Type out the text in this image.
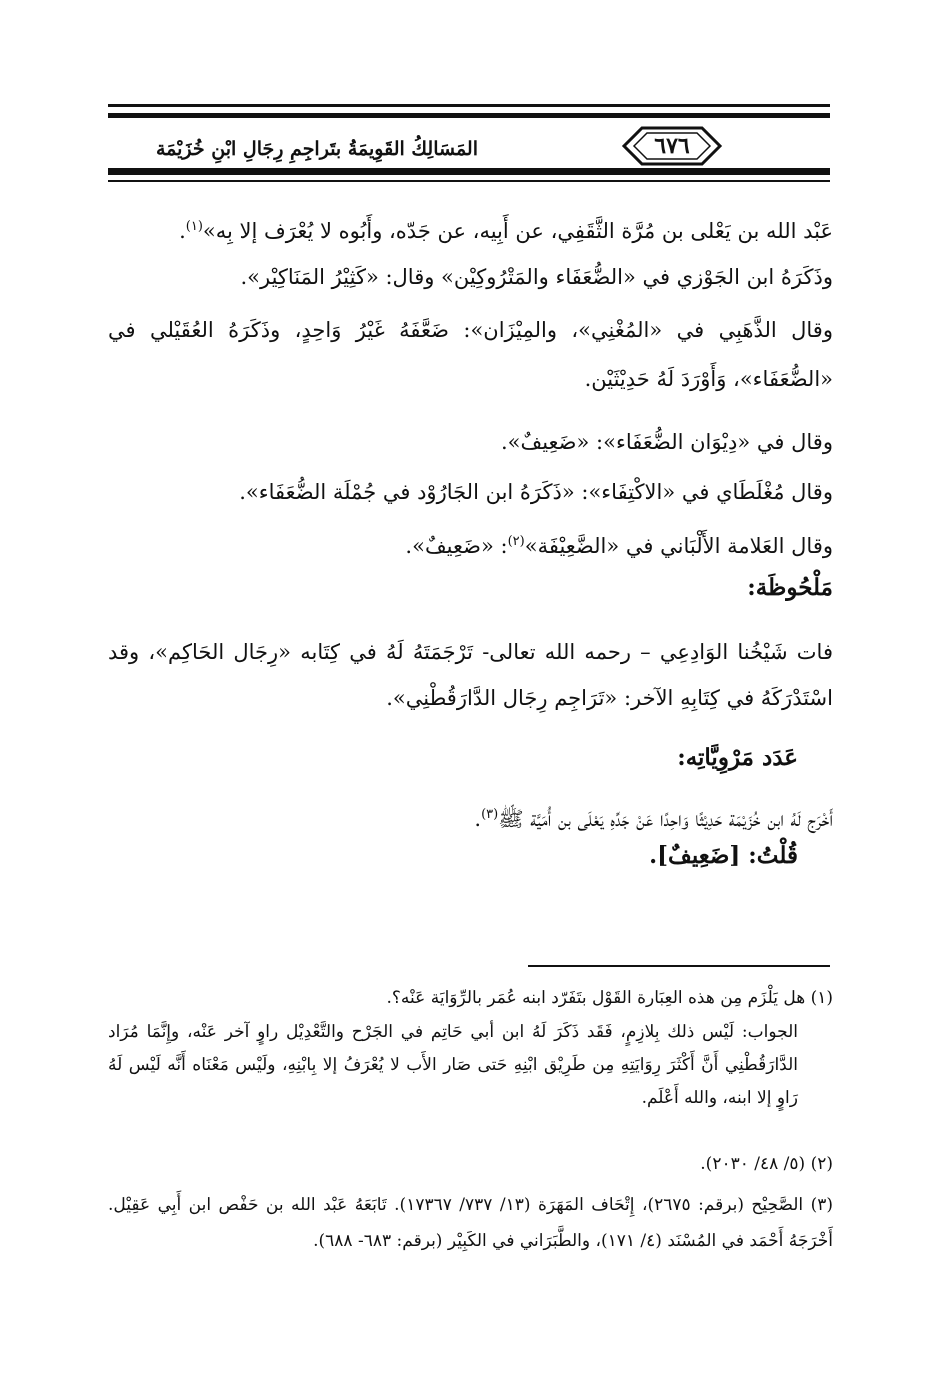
المَسَالِكُ القَوِيمَةُ بتَراجِمِ رِجَالِ ابْنِ خُزَيْمَة	٦٧٦
عَبْد الله بن يَعْلى بن مُرَّة الثَّقَفِي، عن أَبِيه، عن جَدّه، وأَبُوه لا يُعْرَف إلا بِه»$^{(١)}$.
وذَكَرَهُ ابن الجَوْزي في «الضُّعَفَاء والمَتْرُوكِيْن» وقال: «كَثِيْرُ المَنَاكِيْر».
وقال الذَّهَبِي في «المُغْنِي»، والمِيْزَان»: ضَعَّفَهُ غَيْرُ وَاحِدٍ، وذَكَرَهُ العُقَيْلي في «الضُّعَفَاء»، وَأَوْرَدَ لَهُ حَدِيْثَيْن.
وقال في «دِيْوَان الضُّعَفَاء»: «ضَعِيفٌ».
وقال مُغْلَطَاي في «الاكْتِفَاء»: «ذَكَرَهُ ابن الجَارُوْد في جُمْلَة الضُّعَفَاء».
وقال العَلامة الأَلْبَاني في «الضَّعِيْفَة»$^{(٢)}$: «ضَعِيفٌ».
مَلْحُوظَة:
فات شَيْخُنا الوَادِعِي – رحمه الله تعالى- تَرْجَمَتَهُ لَهُ في كِتَابه «رِجَال الحَاكِم»، وقد اسْتَدْرَكَهُ في كِتَابِهِ الآخر: «تَرَاجِم رِجَال الدَّارَقُطْنِي».
عَدَد مَرْوِيَّاتِه:
أَخْرَج لَهُ ابن خُزَيْمَة حَدِيْثًا وَاحِدًا عَنْ جَدِّهِ يَعْلَى بن أُمَيَّة ﷺ$^{(٣)}$.
قُلْتُ: [ضَعِيفٌ].
(١) هل يَلْزَم مِن هذه العِبَارة القَوْل بتَفَرّد ابنه عُمَر بالرِّوَايَة عَنْه؟.
الجواب: لَيْس ذلك بِلازِمٍ، فَقَد ذَكَرَ لَهُ ابن أبي حَاتِم في الجَرْح والتَّعْدِيْل راوٍ آخر عَنْه، وإِنَّمَا مُرَاد الدَّارَقُطْنِي أَنَّ أَكْثَرَ رِوَايَتِهِ مِن طَرِيْق ابْنِهِ حَتى صَار الأَب لا يُعْرَفُ إلا بِابْنِهِ، ولَيْس مَعْنَاه أَنَّه لَيْس لَهُ رَاوٍ إلا ابنه، والله أَعْلَم.
(٢) (٥/ ٤٨/ ٢٠٣٠).
(٣) الصَّحِيْح (برقم: ٢٦٧٥)، إِتْحَاف المَهَرَة (١٣/ ٧٣٧/ ١٧٣٦٧). تَابَعَهُ عَبْد الله بن حَفْص ابن أَبِي عَقِيْل. أَخْرَجَهُ أَحْمَد في المُسْنَد (٤/ ١٧١)، والطَّبَرَاني في الكَبِيْر (برقم: ٦٨٣- ٦٨٨).
